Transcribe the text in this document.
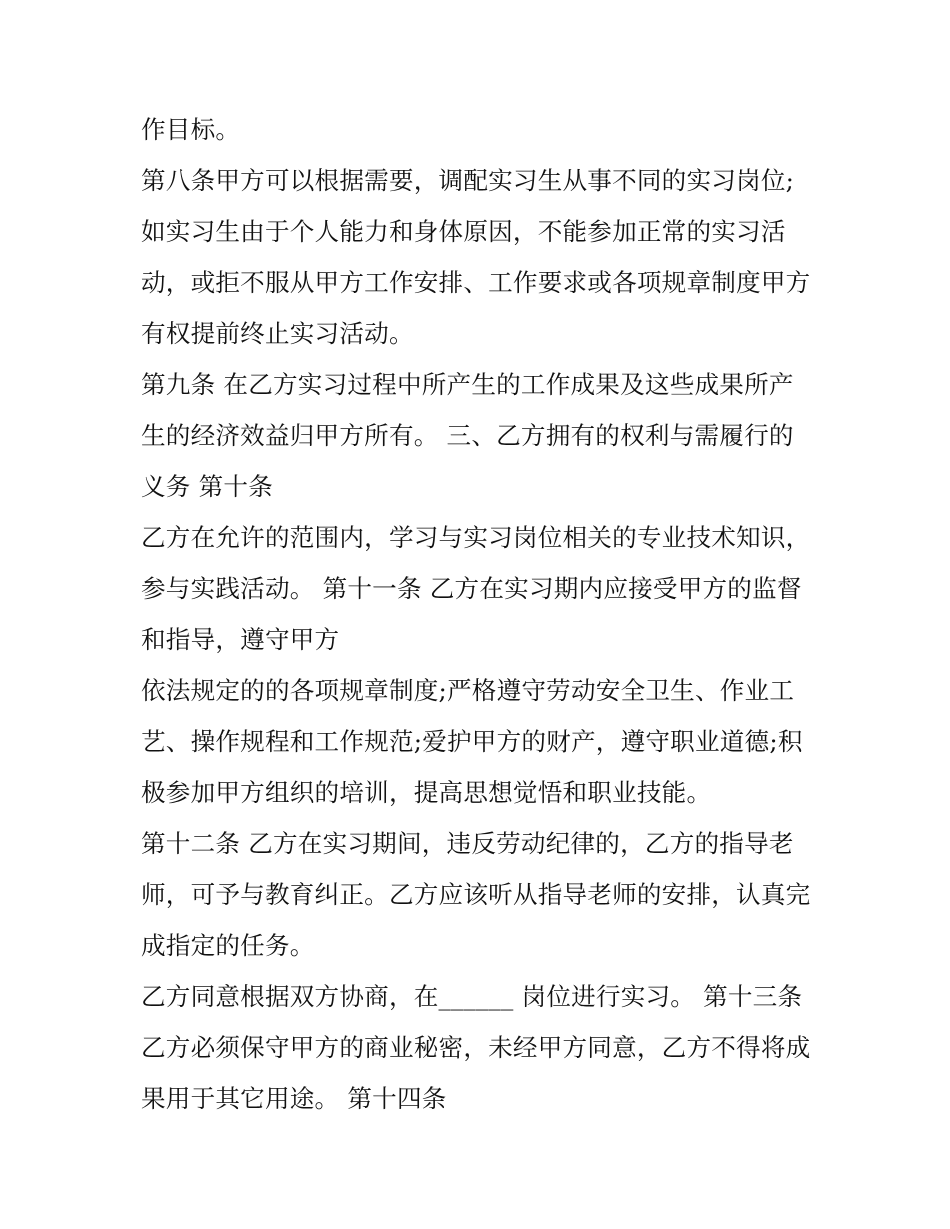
作目标。
第八条甲方可以根据需要，调配实习生从事不同的实习岗位;
如实习生由于个人能力和身体原因，不能参加正常的实习活
动，或拒不服从甲方工作安排、工作要求或各项规章制度甲方
有权提前终止实习活动。
第九条 在乙方实习过程中所产生的工作成果及这些成果所产
生的经济效益归甲方所有。 三、乙方拥有的权利与需履行的
义务 第十条
乙方在允许的范围内，学习与实习岗位相关的专业技术知识，
参与实践活动。 第十一条 乙方在实习期内应接受甲方的监督
和指导，遵守甲方
依法规定的的各项规章制度;严格遵守劳动安全卫生、作业工
艺、操作规程和工作规范;爱护甲方的财产，遵守职业道德;积
极参加甲方组织的培训，提高思想觉悟和职业技能。
第十二条 乙方在实习期间，违反劳动纪律的，乙方的指导老
师，可予与教育纠正。乙方应该听从指导老师的安排，认真完
成指定的任务。
乙方同意根据双方协商，在______ 岗位进行实习。 第十三条
乙方必须保守甲方的商业秘密，未经甲方同意，乙方不得将成
果用于其它用途。 第十四条
